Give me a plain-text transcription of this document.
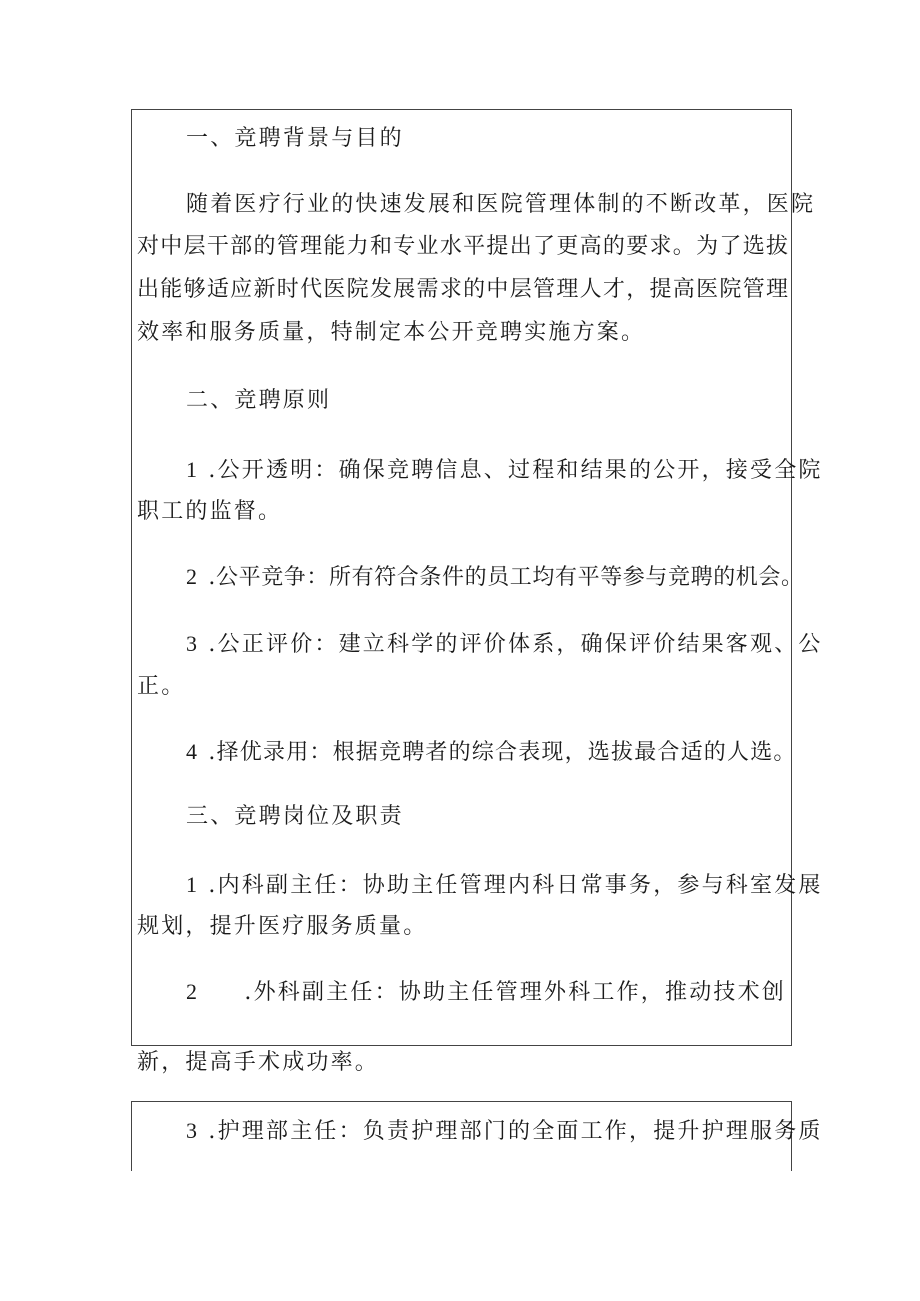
一、竞聘背景与目的
随着医疗行业的快速发展和医院管理体制的不断改革，医院
对中层干部的管理能力和专业水平提出了更高的要求。为了选拔
出能够适应新时代医院发展需求的中层管理人才，提高医院管理
效率和服务质量，特制定本公开竞聘实施方案。
二、竞聘原则
1 .公开透明：确保竞聘信息、过程和结果的公开，接受全院
职工的监督。
2 .公平竞争：所有符合条件的员工均有平等参与竞聘的机会。
3 .公正评价：建立科学的评价体系，确保评价结果客观、公
正。
4 .择优录用：根据竞聘者的综合表现，选拔最合适的人选。
三、竞聘岗位及职责
1 .内科副主任：协助主任管理内科日常事务，参与科室发展
规划，提升医疗服务质量。
2 .外科副主任：协助主任管理外科工作，推动技术创
新，提高手术成功率。
3 .护理部主任：负责护理部门的全面工作，提升护理服务质
